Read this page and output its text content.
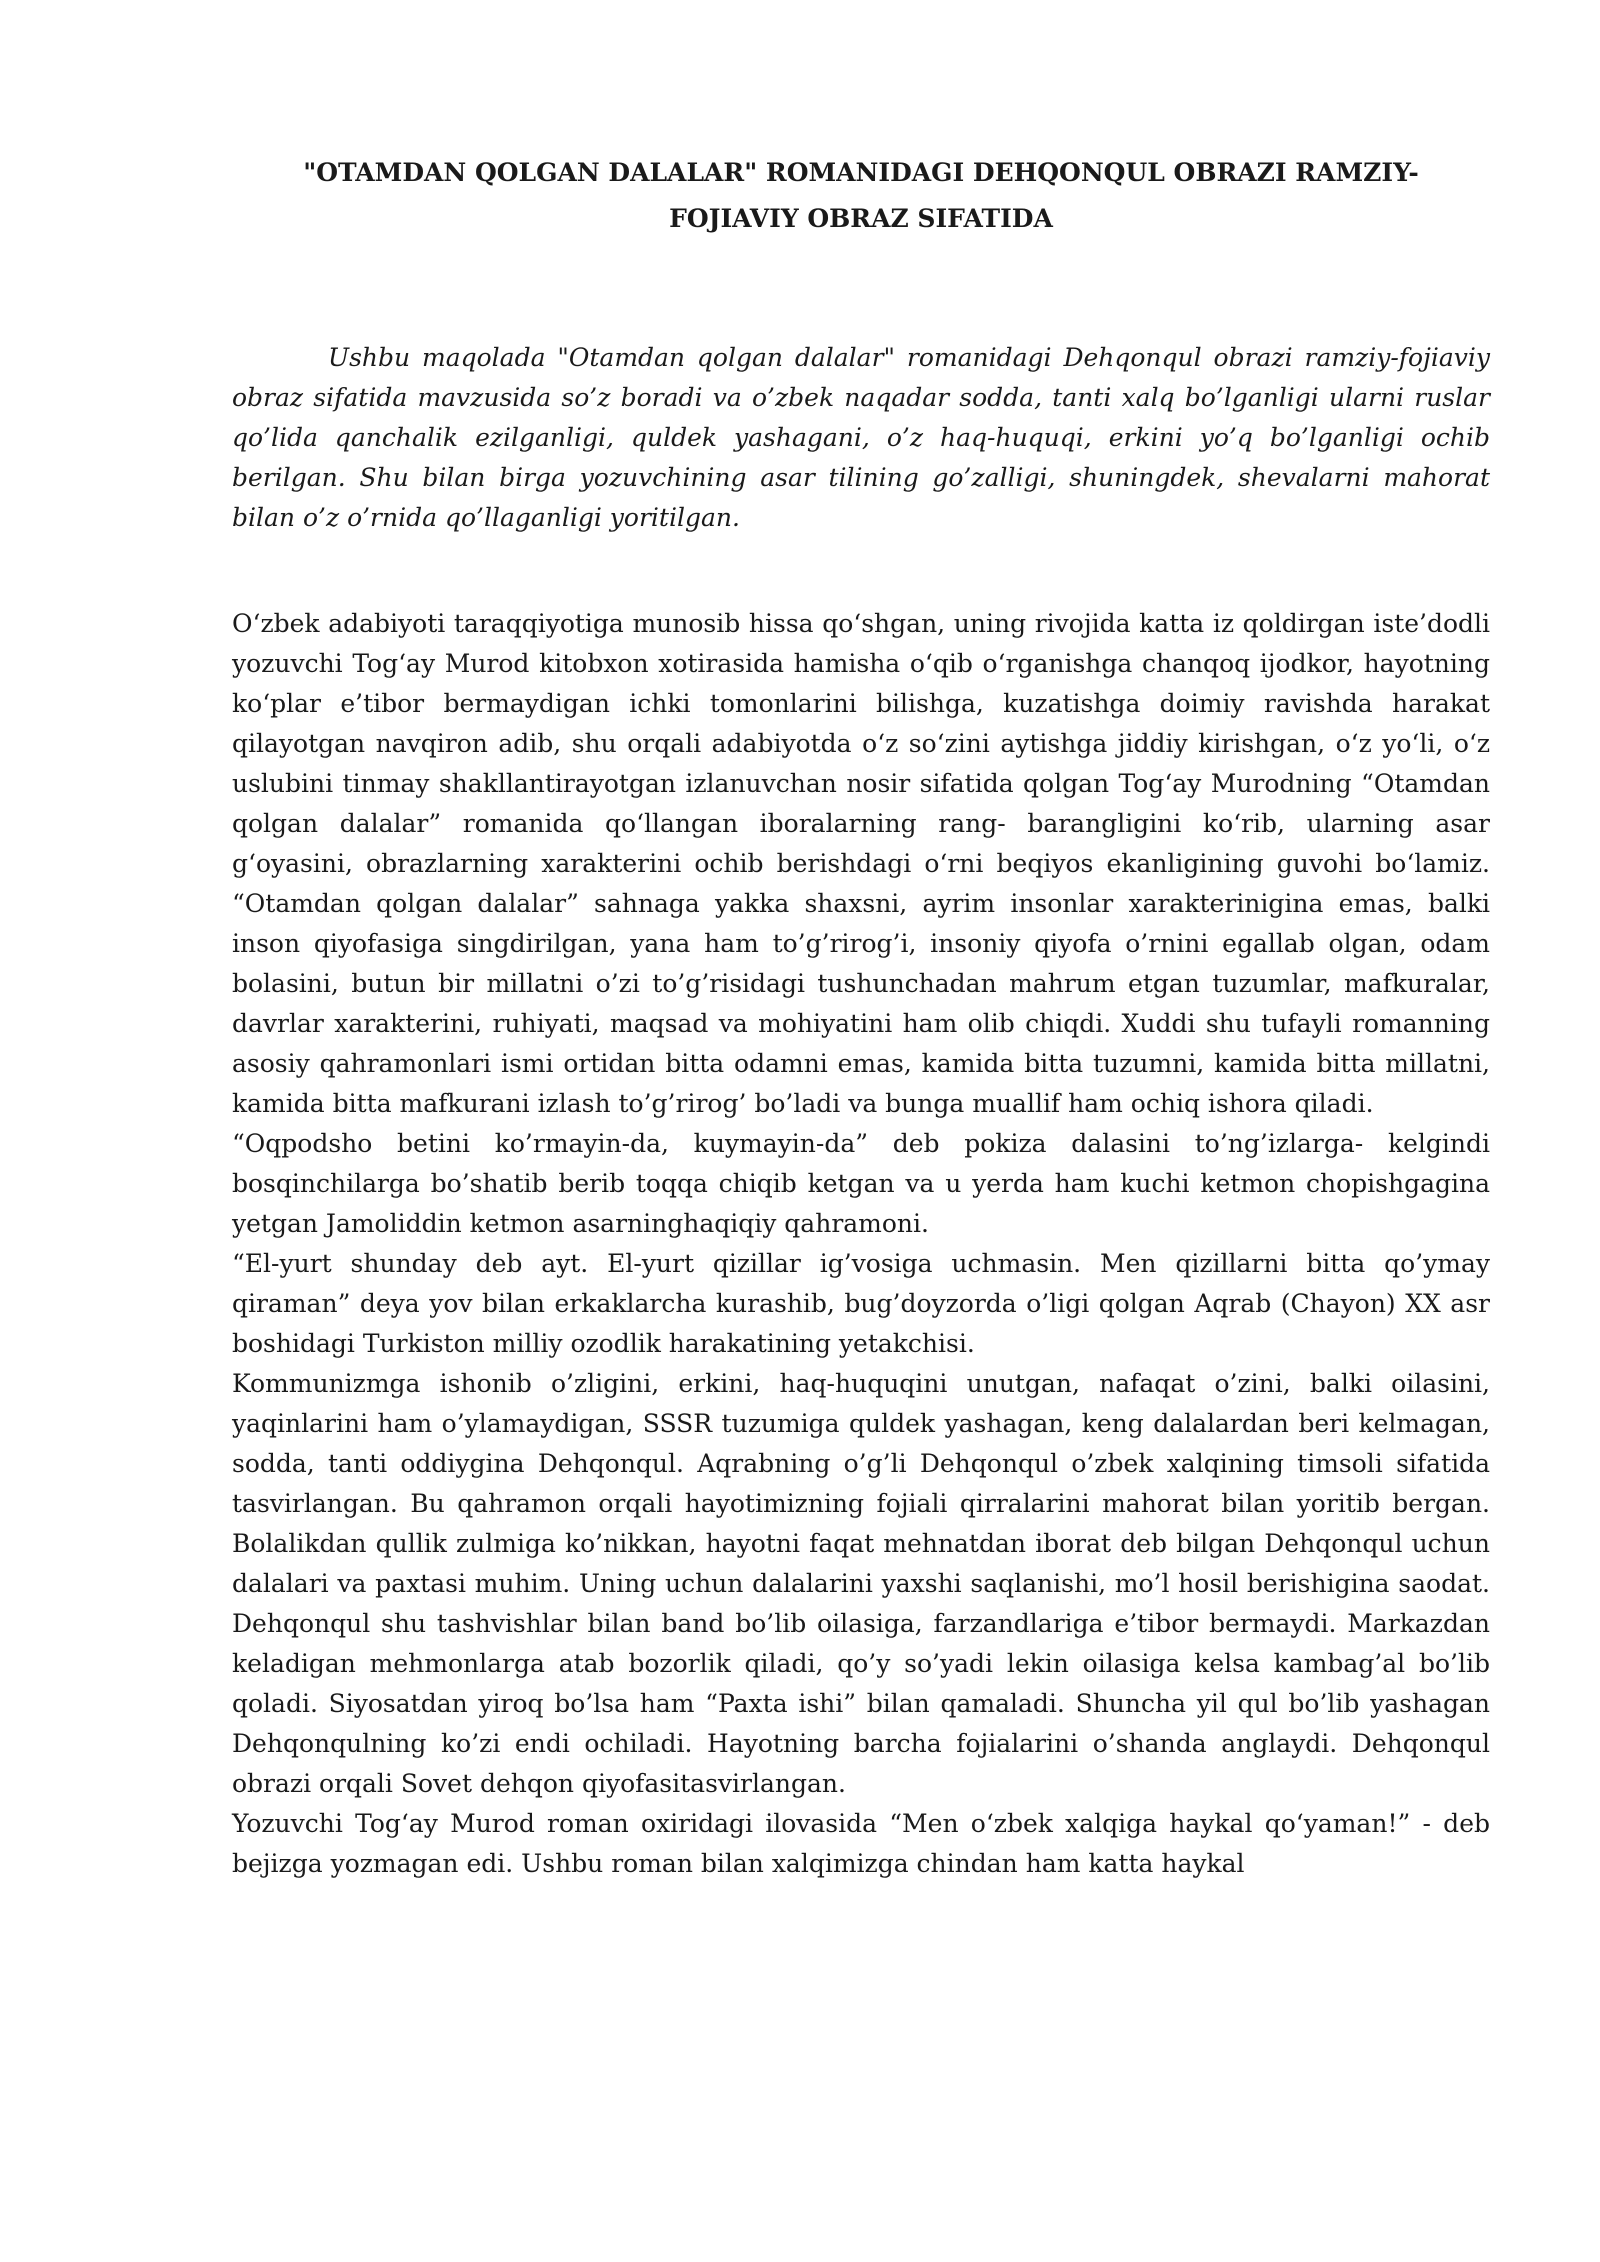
"OTAMDAN QOLGAN DALALAR" ROMANIDAGI DEHQONQUL OBRAZI RAMZIY-FOJIAVIY OBRAZ SIFATIDA

Ushbu maqolada "Otamdan qolgan dalalar" romanidagi Dehqonqul obrazi ramziy-fojiaviy obraz sifatida mavzusida so’z boradi va o’zbek naqadar sodda, tanti xalq bo’lganligi ularni ruslar qo’lida qanchalik ezilganligi, quldek yashagani, o’z haq-huquqi, erkini yo’q bo’lganligi ochib berilgan. Shu bilan birga yozuvchining asar tilining go’zalligi, shuningdek, shevalarni mahorat bilan o’z o’rnida qo’llaganligi yoritilgan.

O‘zbek adabiyoti taraqqiyotiga munosib hissa qo‘shgan, uning rivojida katta iz qoldirgan iste’dodli yozuvchi Tog‘ay Murod kitobxon xotirasida hamisha o‘qib o‘rganishga chanqoq ijodkor, hayotning ko‘plar e’tibor bermaydigan ichki tomonlarini bilishga, kuzatishga doimiy ravishda harakat qilayotgan navqiron adib, shu orqali adabiyotda o‘z so‘zini aytishga jiddiy kirishgan, o‘z yo‘li, o‘z uslubini tinmay shakllantirayotgan izlanuvchan nosir sifatida qolgan Tog‘ay Murodning “Otamdan qolgan dalalar” romanida qo‘llangan iboralarning rang- barangligini ko‘rib, ularning asar g‘oyasini, obrazlarning xarakterini ochib berishdagi o‘rni beqiyos ekanligining guvohi bo‘lamiz. “Otamdan qolgan dalalar” sahnaga yakka shaxsni, ayrim insonlar xarakterinigina emas, balki inson qiyofasiga singdirilgan, yana ham to’g’rirog’i, insoniy qiyofa o’rnini egallab olgan, odam bolasini, butun bir millatni o’zi to’g’risidagi tushunchadan mahrum etgan tuzumlar, mafkuralar, davrlar xarakterini, ruhiyati, maqsad va mohiyatini ham olib chiqdi. Xuddi shu tufayli romanning asosiy qahramonlari ismi ortidan bitta odamni emas, kamida bitta tuzumni, kamida bitta millatni, kamida bitta mafkurani izlash to’g’rirog’ bo’ladi va bunga muallif ham ochiq ishora qiladi.

“Oqpodsho betini ko’rmayin-da, kuymayin-da” deb pokiza dalasini to’ng’izlarga- kelgindi bosqinchilarga bo’shatib berib toqqa chiqib ketgan va u yerda ham kuchi ketmon chopishgagina yetgan Jamoliddin ketmon asarninghaqiqiy qahramoni.

“El-yurt shunday deb ayt. El-yurt qizillar ig’vosiga uchmasin. Men qizillarni bitta qo’ymay qiraman” deya yov bilan erkaklarcha kurashib, bug’doyzorda o’ligi qolgan Aqrab (Chayon) XX asr boshidagi Turkiston milliy ozodlik harakatining yetakchisi.

Kommunizmga ishonib o’zligini, erkini, haq-huquqini unutgan, nafaqat o’zini, balki oilasini, yaqinlarini ham o’ylamaydigan, SSSR tuzumiga quldek yashagan, keng dalalardan beri kelmagan, sodda, tanti oddiygina Dehqonqul. Aqrabning o’g’li Dehqonqul o’zbek xalqining timsoli sifatida tasvirlangan. Bu qahramon orqali hayotimizning fojiali qirralarini mahorat bilan yoritib bergan. Bolalikdan qullik zulmiga ko’nikkan, hayotni faqat mehnatdan iborat deb bilgan Dehqonqul uchun dalalari va paxtasi muhim. Uning uchun dalalarini yaxshi saqlanishi, mo’l hosil berishigina saodat. Dehqonqul shu tashvishlar bilan band bo’lib oilasiga, farzandlariga e’tibor bermaydi. Markazdan keladigan mehmonlarga atab bozorlik qiladi, qo’y so’yadi lekin oilasiga kelsa kambag’al bo’lib qoladi. Siyosatdan yiroq bo’lsa ham “Paxta ishi” bilan qamaladi. Shuncha yil qul bo’lib yashagan Dehqonqulning ko’zi endi ochiladi. Hayotning barcha fojialarini o’shanda anglaydi. Dehqonqul obrazi orqali Sovet dehqon qiyofasitasvirlangan.

Yozuvchi Tog‘ay Murod roman oxiridagi ilovasida “Men o‘zbek xalqiga haykal qo‘yaman!” - deb bejizga yozmagan edi. Ushbu roman bilan xalqimizga chindan ham katta haykal
